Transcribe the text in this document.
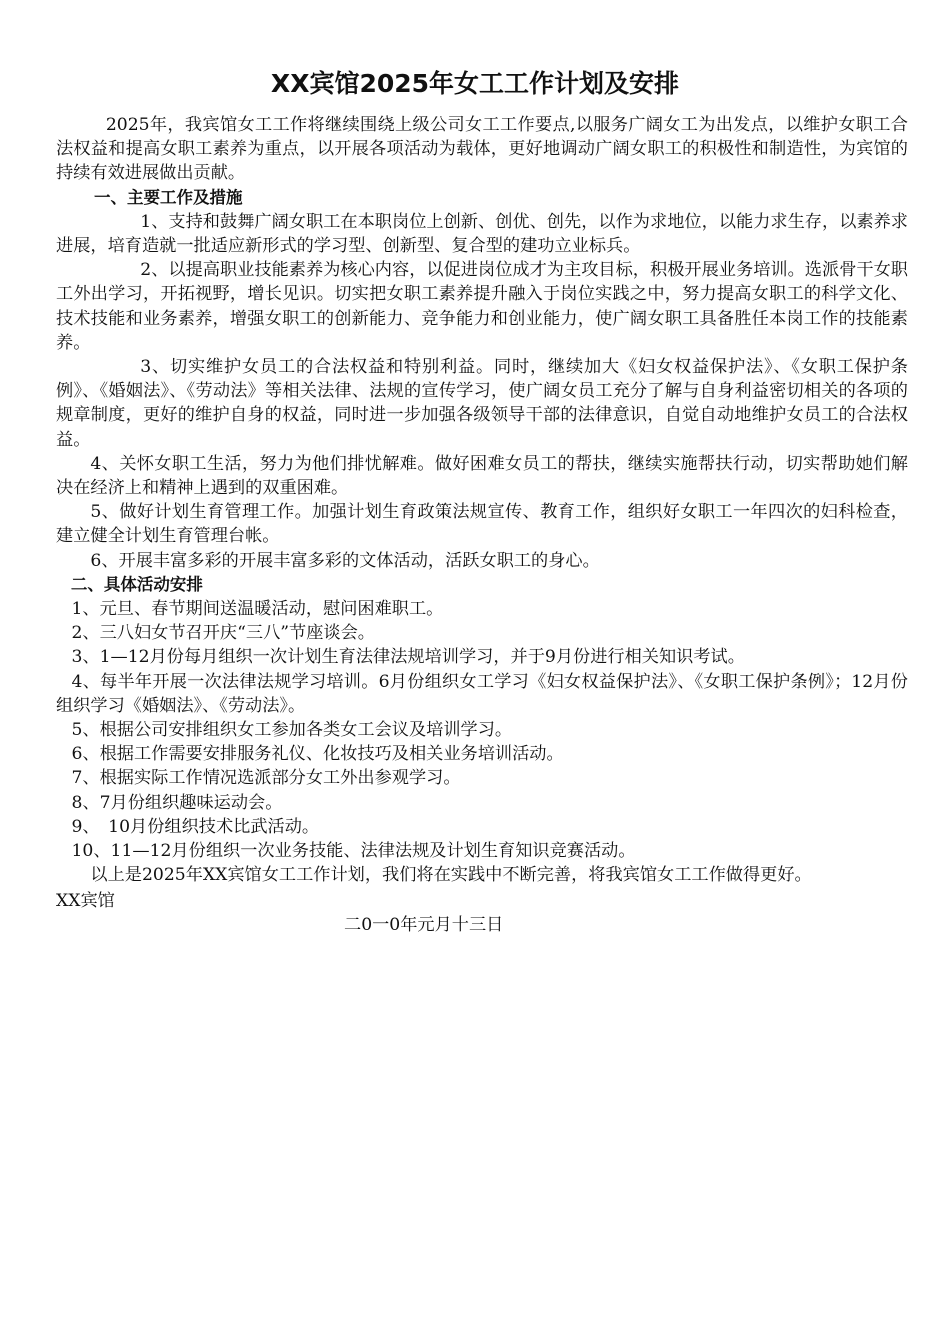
XX宾馆2025年女工工作计划及安排

2025年，我宾馆女工工作将继续围绕上级公司女工工作要点,以服务广阔女工为出发点，以维护女职工合法权益和提高女职工素养为重点，以开展各项活动为载体，更好地调动广阔女职工的积极性和制造性，为宾馆的持续有效进展做出贡献。

一、主要工作及措施

1、支持和鼓舞广阔女职工在本职岗位上创新、创优、创先，以作为求地位，以能力求生存，以素养求进展，培育造就一批适应新形式的学习型、创新型、复合型的建功立业标兵。

2、以提高职业技能素养为核心内容，以促进岗位成才为主攻目标，积极开展业务培训。选派骨干女职工外出学习，开拓视野，增长见识。切实把女职工素养提升融入于岗位实践之中，努力提高女职工的科学文化、技术技能和业务素养，增强女职工的创新能力、竞争能力和创业能力，使广阔女职工具备胜任本岗工作的技能素养。

3、切实维护女员工的合法权益和特别利益。同时，继续加大《妇女权益保护法》、《女职工保护条例》、《婚姻法》、《劳动法》等相关法律、法规的宣传学习，使广阔女员工充分了解与自身利益密切相关的各项的规章制度，更好的维护自身的权益，同时进一步加强各级领导干部的法律意识，自觉自动地维护女员工的合法权益。

4、关怀女职工生活，努力为他们排忧解难。做好困难女员工的帮扶，继续实施帮扶行动，切实帮助她们解决在经济上和精神上遇到的双重困难。

5、做好计划生育管理工作。加强计划生育政策法规宣传、教育工作，组织好女职工一年四次的妇科检查，建立健全计划生育管理台帐。

6、开展丰富多彩的开展丰富多彩的文体活动，活跃女职工的身心。

二、具体活动安排

1、元旦、春节期间送温暖活动，慰问困难职工。

2、三八妇女节召开庆“三八”节座谈会。

3、1—12月份每月组织一次计划生育法律法规培训学习，并于9月份进行相关知识考试。

4、每半年开展一次法律法规学习培训。6月份组织女工学习《妇女权益保护法》、《女职工保护条例》；12月份组织学习《婚姻法》、《劳动法》。

5、根据公司安排组织女工参加各类女工会议及培训学习。

6、根据工作需要安排服务礼仪、化妆技巧及相关业务培训活动。

7、根据实际工作情况选派部分女工外出参观学习。

8、7月份组织趣味运动会。

9、　10月份组织技术比武活动。

10、11—12月份组织一次业务技能、法律法规及计划生育知识竞赛活动。

以上是2025年XX宾馆女工工作计划，我们将在实践中不断完善，将我宾馆女工工作做得更好。

XX宾馆

二0一0年元月十三日
